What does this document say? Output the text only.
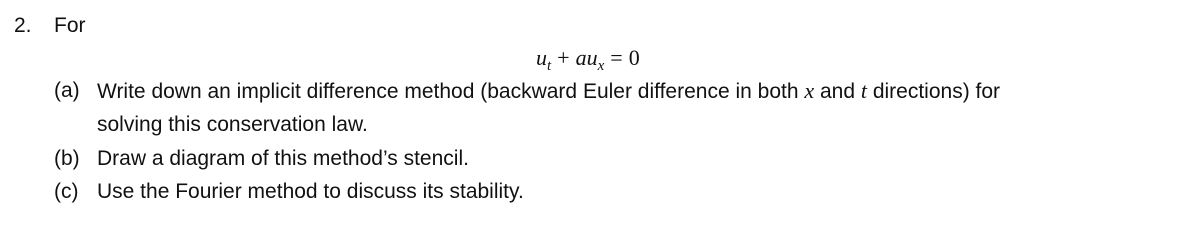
2. For
$u_t + au_x = 0$
(a) Write down an implicit difference method (backward Euler difference in both x and t directions) for
solving this conservation law.
(b) Draw a diagram of this method’s stencil.
(c) Use the Fourier method to discuss its stability.
